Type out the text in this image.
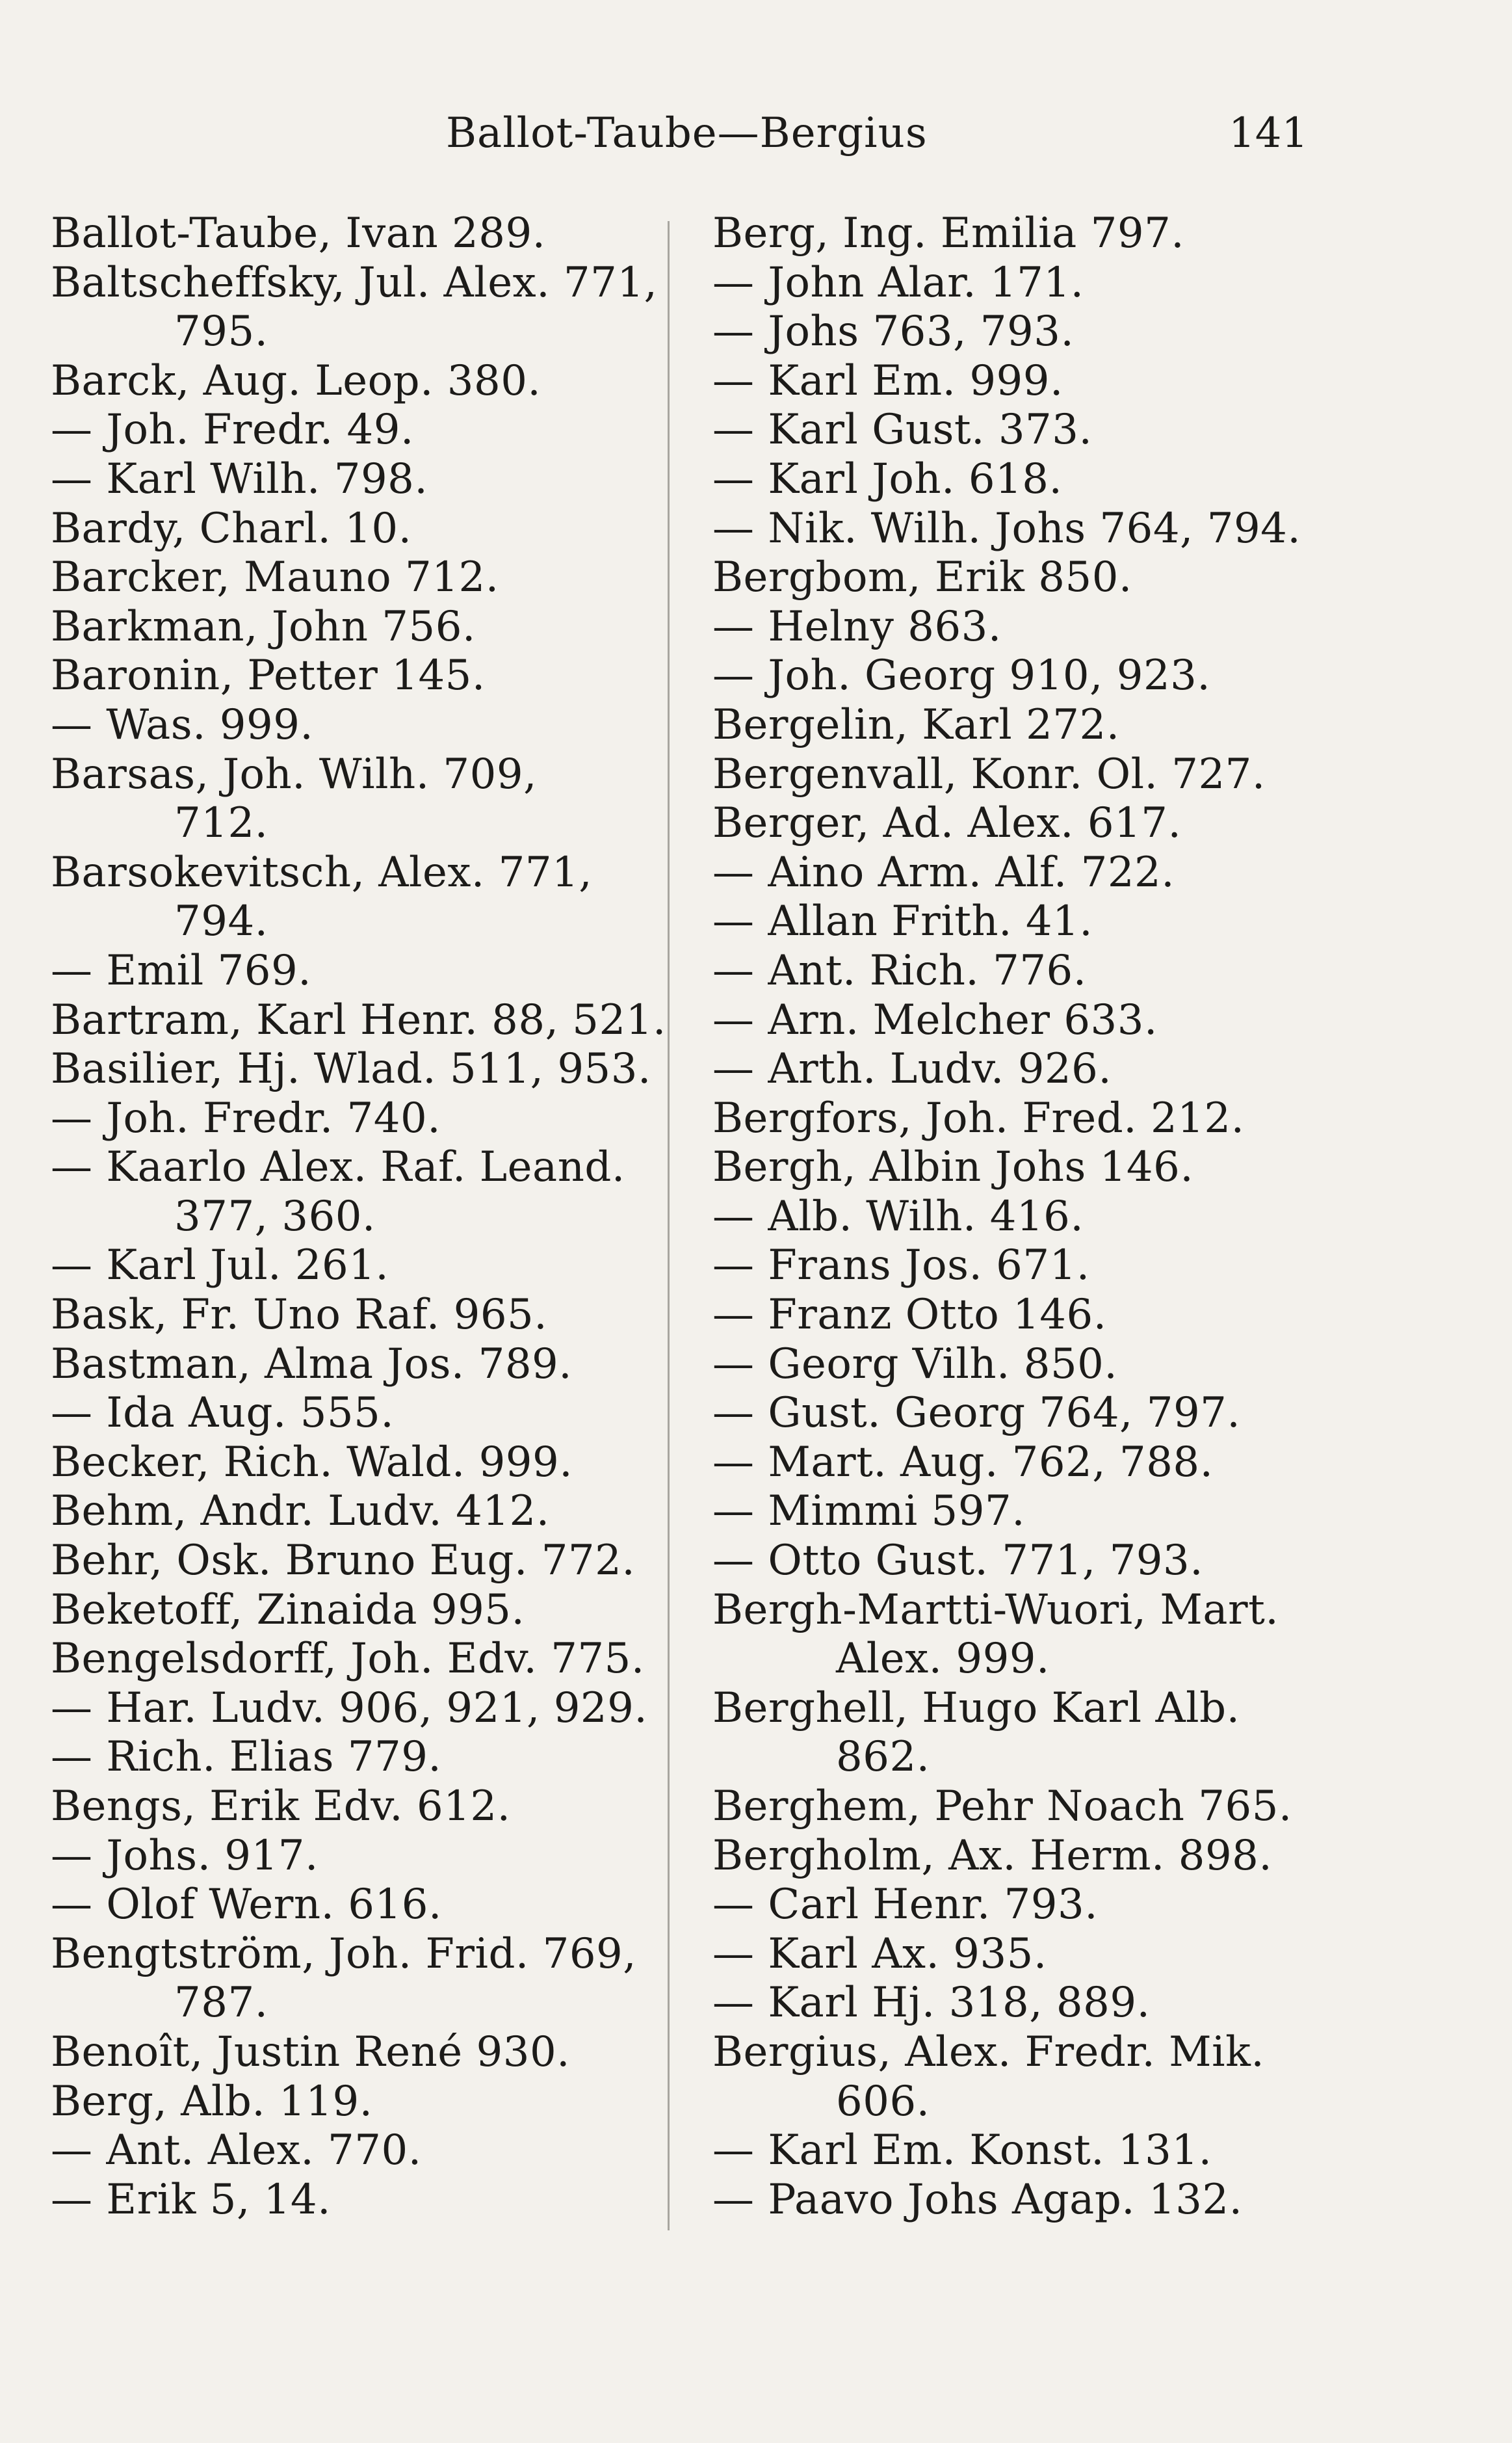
Ballot-Taube—Bergius	141
Ballot-Taube, Ivan 289.
Baltscheffsky, Jul. Alex. 771,
795.
Barck, Aug. Leop. 380.
— Joh. Fredr. 49.
— Karl Wilh. 798.
Bardy, Charl. 10.
Barcker, Mauno 712.
Barkman, John 756.
Baronin, Petter 145.
— Was. 999.
Barsas, Joh. Wilh. 709,
712.
Barsokevitsch, Alex. 771,
794.
— Emil 769.
Bartram, Karl Henr. 88, 521.
Basilier, Hj. Wlad. 511, 953.
— Joh. Fredr. 740.
— Kaarlo Alex. Raf. Leand.
377, 360.
— Karl Jul. 261.
Bask, Fr. Uno Raf. 965.
Bastman, Alma Jos. 789.
— Ida Aug. 555.
Becker, Rich. Wald. 999.
Behm, Andr. Ludv. 412.
Behr, Osk. Bruno Eug. 772.
Beketoff, Zinaida 995.
Bengelsdorff, Joh. Edv. 775.
— Har. Ludv. 906, 921, 929.
— Rich. Elias 779.
Bengs, Erik Edv. 612.
— Johs. 917.
— Olof Wern. 616.
Bengtström, Joh. Frid. 769,
787.
Benoît, Justin René 930.
Berg, Alb. 119.
— Ant. Alex. 770.
— Erik 5, 14.
Berg, Ing. Emilia 797.
— John Alar. 171.
— Johs 763, 793.
— Karl Em. 999.
— Karl Gust. 373.
— Karl Joh. 618.
— Nik. Wilh. Johs 764, 794.
Bergbom, Erik 850.
— Helny 863.
— Joh. Georg 910, 923.
Bergelin, Karl 272.
Bergenvall, Konr. Ol. 727.
Berger, Ad. Alex. 617.
— Aino Arm. Alf. 722.
— Allan Frith. 41.
— Ant. Rich. 776.
— Arn. Melcher 633.
— Arth. Ludv. 926.
Bergfors, Joh. Fred. 212.
Bergh, Albin Johs 146.
— Alb. Wilh. 416.
— Frans Jos. 671.
— Franz Otto 146.
— Georg Vilh. 850.
— Gust. Georg 764, 797.
— Mart. Aug. 762, 788.
— Mimmi 597.
— Otto Gust. 771, 793.
Bergh-Martti-Wuori, Mart.
Alex. 999.
Berghell, Hugo Karl Alb.
862.
Berghem, Pehr Noach 765.
Bergholm, Ax. Herm. 898.
— Carl Henr. 793.
— Karl Ax. 935.
— Karl Hj. 318, 889.
Bergius, Alex. Fredr. Mik.
606.
— Karl Em. Konst. 131.
— Paavo Johs Agap. 132.
